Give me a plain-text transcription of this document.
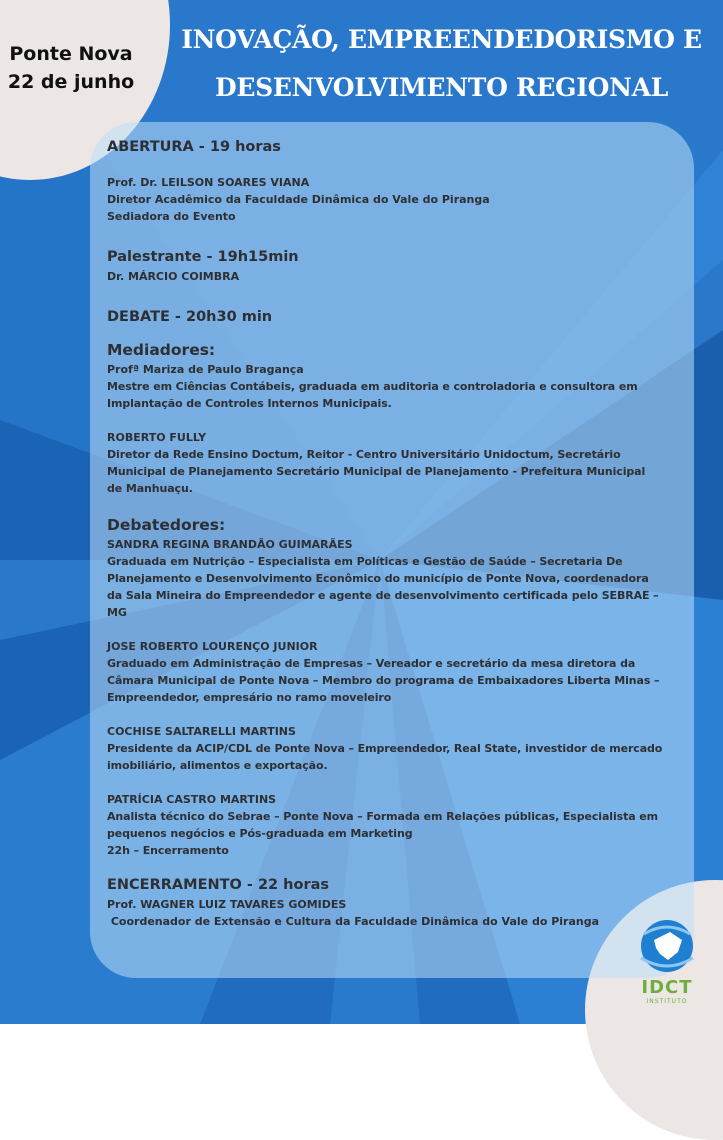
Ponte Nova
22 de junho
INOVAÇÃO, EMPREENDEDORISMO E
DESENVOLVIMENTO REGIONAL
ABERTURA - 19 horas
Prof. Dr. LEILSON SOARES VIANA
Diretor Acadêmico da Faculdade Dinâmica do Vale do Piranga
Sediadora do Evento
Palestrante - 19h15min
Dr. MÁRCIO COIMBRA
DEBATE - 20h30 min
Mediadores:
Profª Mariza de Paulo Bragança
Mestre em Ciências Contábeis, graduada em auditoria e controladoria e consultora em
Implantação de Controles Internos Municipais.
ROBERTO FULLY
Diretor da Rede Ensino Doctum, Reitor - Centro Universitário Unidoctum, Secretário
Municipal de Planejamento Secretário Municipal de Planejamento - Prefeitura Municipal
de Manhuaçu.
Debatedores:
SANDRA REGINA BRANDÃO GUIMARÃES
Graduada em Nutrição – Especialista em Políticas e Gestão de Saúde – Secretaria De
Planejamento e Desenvolvimento Econômico do município de Ponte Nova, coordenadora
da Sala Mineira do Empreendedor e agente de desenvolvimento certificada pelo SEBRAE –
MG
JOSE ROBERTO LOURENÇO JUNIOR
Graduado em Administração de Empresas – Vereador e secretário da mesa diretora da
Câmara Municipal de Ponte Nova – Membro do programa de Embaixadores Liberta Minas –
Empreendedor, empresário no ramo moveleiro
COCHISE SALTARELLI MARTINS
Presidente da ACIP/CDL de Ponte Nova – Empreendedor, Real State, investidor de mercado
imobiliário, alimentos e exportação.
PATRÍCIA CASTRO MARTINS
Analista técnico do Sebrae – Ponte Nova – Formada em Relações públicas, Especialista em
pequenos negócios e Pós-graduada em Marketing
22h – Encerramento
ENCERRAMENTO - 22 horas
Prof. WAGNER LUIZ TAVARES GOMIDES
Coordenador de Extensão e Cultura da Faculdade Dinâmica do Vale do Piranga
IDCT
INSTITUTO
